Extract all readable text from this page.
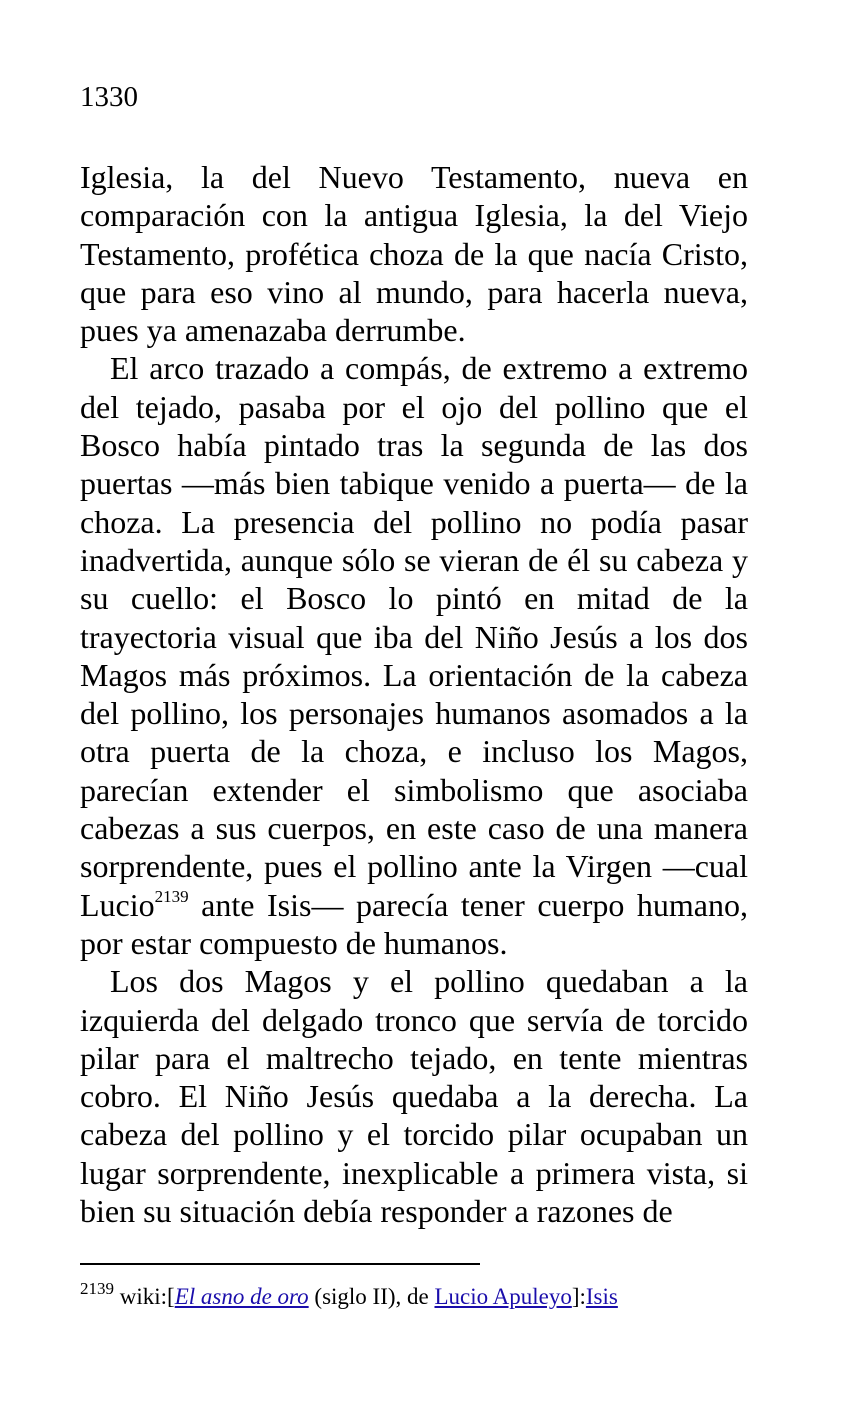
1330

Iglesia, la del Nuevo Testamento, nueva en comparación con la antigua Iglesia, la del Viejo Testamento, profética choza de la que nacía Cristo, que para eso vino al mundo, para hacerla nueva, pues ya amenazaba derrumbe.

El arco trazado a compás, de extremo a extremo del tejado, pasaba por el ojo del pollino que el Bosco había pintado tras la segunda de las dos puertas —más bien tabique venido a puerta— de la choza. La presencia del pollino no podía pasar inadvertida, aunque sólo se vieran de él su cabeza y su cuello: el Bosco lo pintó en mitad de la trayectoria visual que iba del Niño Jesús a los dos Magos más próximos. La orientación de la cabeza del pollino, los personajes humanos asomados a la otra puerta de la choza, e incluso los Magos, parecían extender el simbolismo que asociaba cabezas a sus cuerpos, en este caso de una manera sorprendente, pues el pollino ante la Virgen —cual Lucio$^{2139}$ ante Isis— parecía tener cuerpo humano, por estar compuesto de humanos.

Los dos Magos y el pollino quedaban a la izquierda del delgado tronco que servía de torcido pilar para el maltrecho tejado, en tente mientras cobro. El Niño Jesús quedaba a la derecha. La cabeza del pollino y el torcido pilar ocupaban un lugar sorprendente, inexplicable a primera vista, si bien su situación debía responder a razones de

$^{2139}$ wiki:[El asno de oro (siglo II), de Lucio Apuleyo]:Isis
